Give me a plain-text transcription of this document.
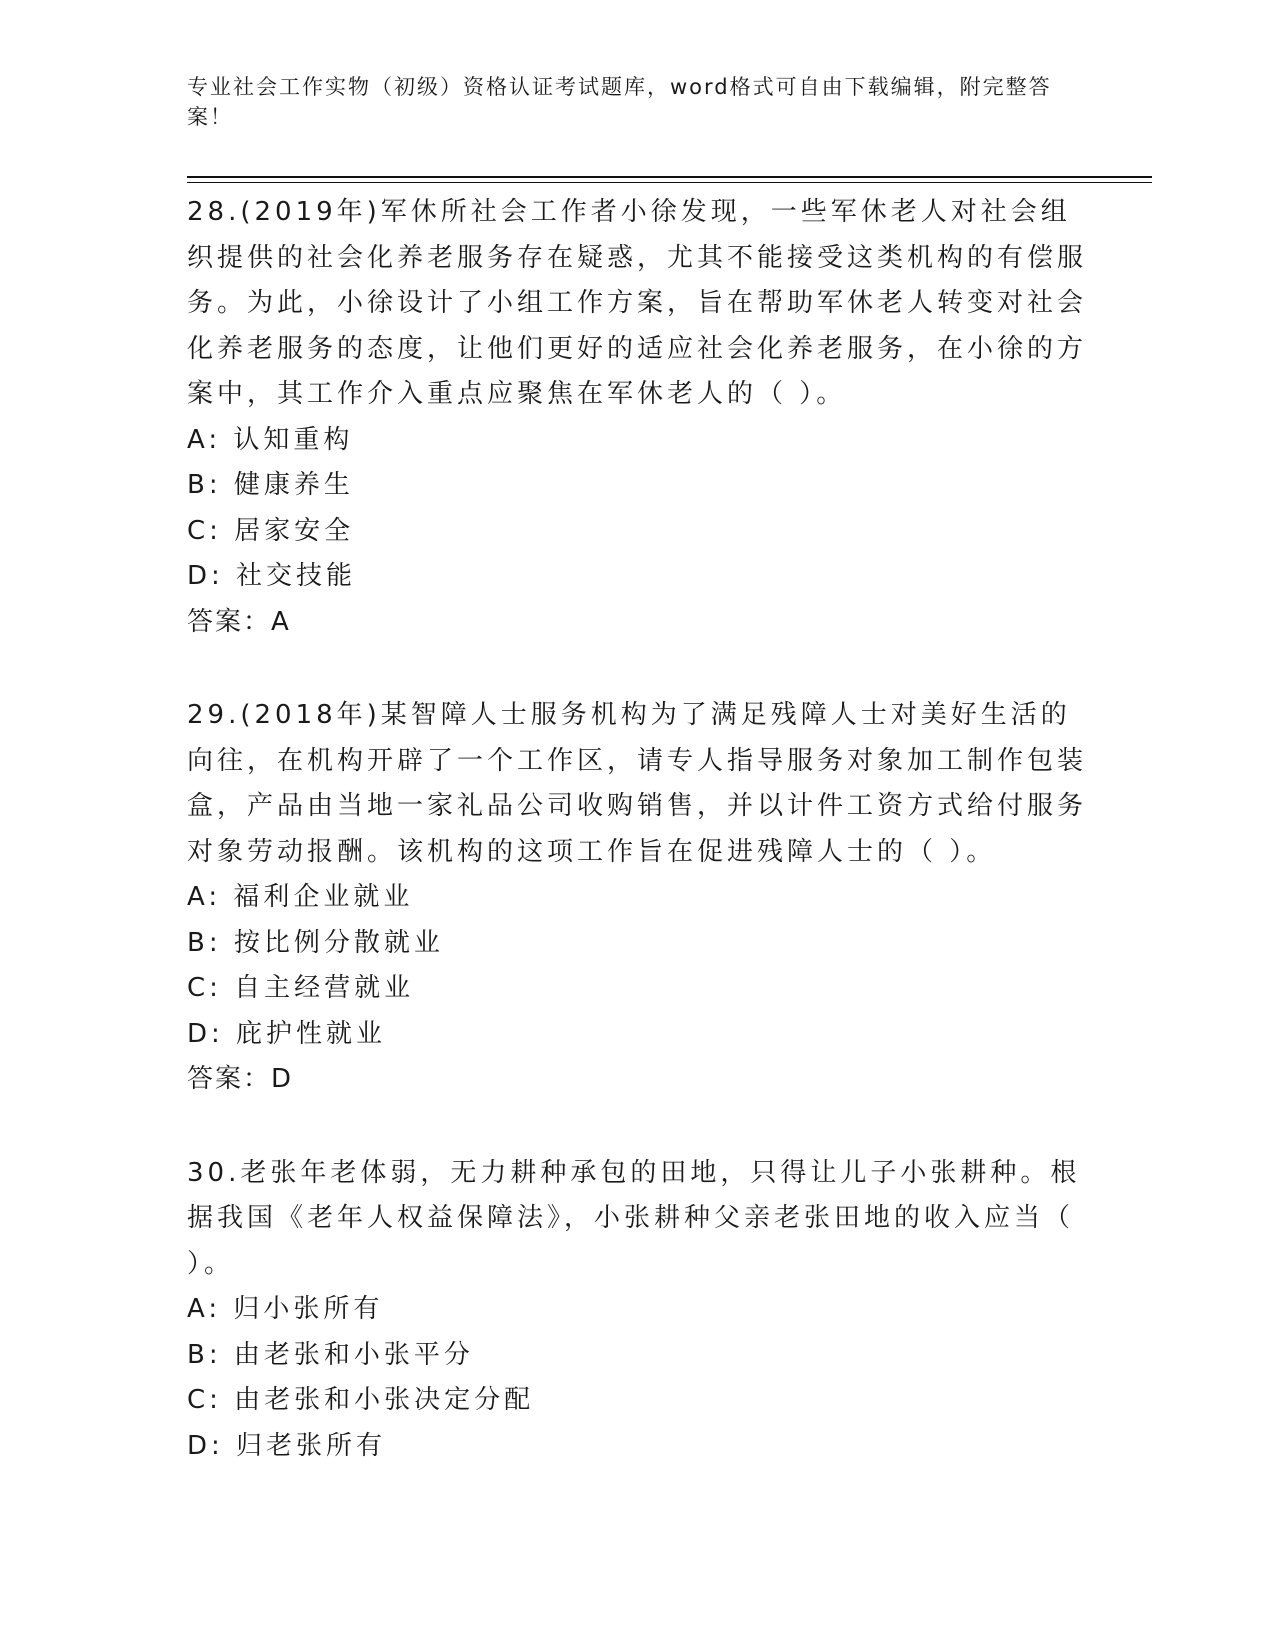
专业社会工作实物（初级）资格认证考试题库，word格式可自由下载编辑，附完整答案！

28.(2019年)军休所社会工作者小徐发现，一些军休老人对社会组织提供的社会化养老服务存在疑惑，尤其不能接受这类机构的有偿服务。为此，小徐设计了小组工作方案，旨在帮助军休老人转变对社会化养老服务的态度，让他们更好的适应社会化养老服务，在小徐的方案中，其工作介入重点应聚焦在军休老人的（ ）。

A: 认知重构
B: 健康养生
C: 居家安全
D: 社交技能
答案：A

29.(2018年)某智障人士服务机构为了满足残障人士对美好生活的向往，在机构开辟了一个工作区，请专人指导服务对象加工制作包装盒，产品由当地一家礼品公司收购销售，并以计件工资方式给付服务对象劳动报酬。该机构的这项工作旨在促进残障人士的（ ）。

A: 福利企业就业
B: 按比例分散就业
C: 自主经营就业
D: 庇护性就业
答案：D

30.老张年老体弱，无力耕种承包的田地，只得让儿子小张耕种。根据我国《老年人权益保障法》，小张耕种父亲老张田地的收入应当（ ）。

A: 归小张所有
B: 由老张和小张平分
C: 由老张和小张决定分配
D: 归老张所有
